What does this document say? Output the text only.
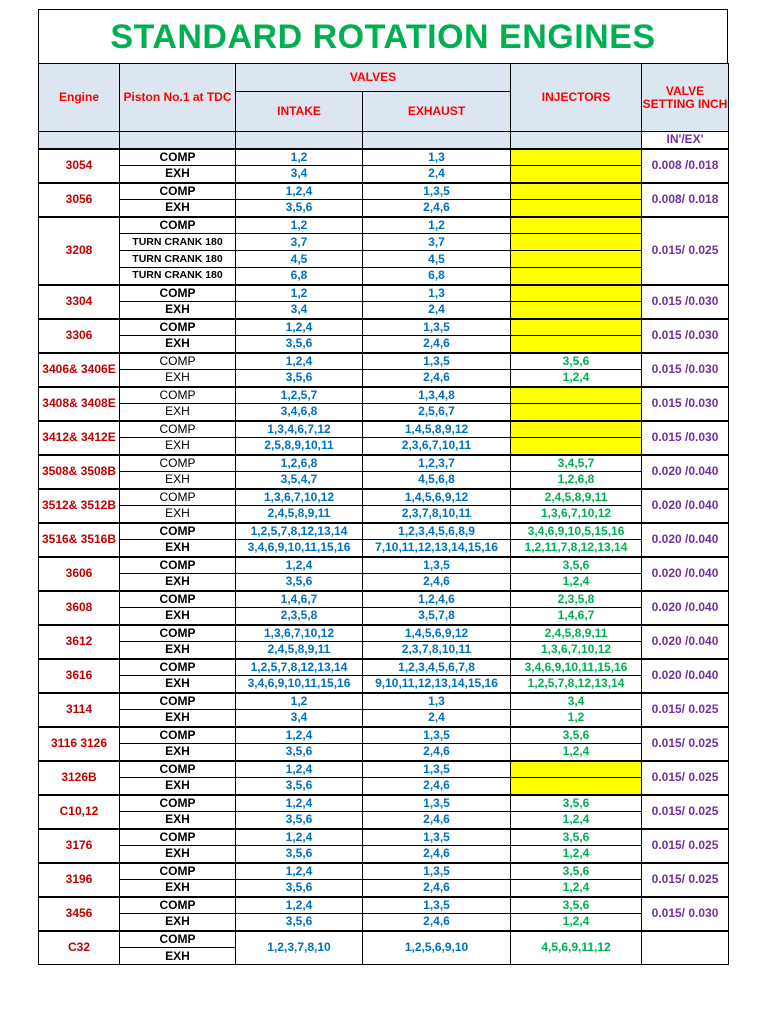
STANDARD ROTATION ENGINES
Engine	Piston No.1 at TDC	VALVES		INJECTORS	VALVE SETTING INCH
		INTAKE	EXHAUST		
					IN'/EX'
3054	COMP	1,2	1,3		0.008 /0.018
	EXH	3,4	2,4		
3056	COMP	1,2,4	1,3,5		0.008/ 0.018
	EXH	3,5,6	2,4,6		
3208	COMP	1,2	1,2		0.015/ 0.025
	TURN CRANK 180	3,7	3,7		
	TURN CRANK 180	4,5	4,5		
	TURN CRANK 180	6,8	6,8		
3304	COMP	1,2	1,3		0.015 /0.030
	EXH	3,4	2,4		
3306	COMP	1,2,4	1,3,5		0.015 /0.030
	EXH	3,5,6	2,4,6		
3406& 3406E	COMP	1,2,4	1,3,5	3,5,6	0.015 /0.030
	EXH	3,5,6	2,4,6	1,2,4	
3408& 3408E	COMP	1,2,5,7	1,3,4,8		0.015 /0.030
	EXH	3,4,6,8	2,5,6,7		
3412& 3412E	COMP	1,3,4,6,7,12	1,4,5,8,9,12		0.015 /0.030
	EXH	2,5,8,9,10,11	2,3,6,7,10,11		
3508& 3508B	COMP	1,2,6,8	1,2,3,7	3,4,5,7	0.020 /0.040
	EXH	3,5,4,7	4,5,6,8	1,2,6,8	
3512& 3512B	COMP	1,3,6,7,10,12	1,4,5,6,9,12	2,4,5,8,9,11	0.020 /0.040
	EXH	2,4,5,8,9,11	2,3,7,8,10,11	1,3,6,7,10,12	
3516& 3516B	COMP	1,2,5,7,8,12,13,14	1,2,3,4,5,6,8,9	3,4,6,9,10,5,15,16	0.020 /0.040
	EXH	3,4,6,9,10,11,15,16	7,10,11,12,13,14,15,16	1,2,11,7,8,12,13,14	
3606	COMP	1,2,4	1,3,5	3,5,6	0.020 /0.040
	EXH	3,5,6	2,4,6	1,2,4	
3608	COMP	1,4,6,7	1,2,4,6	2,3,5,8	0.020 /0.040
	EXH	2,3,5,8	3,5,7,8	1,4,6,7	
3612	COMP	1,3,6,7,10,12	1,4,5,6,9,12	2,4,5,8,9,11	0.020 /0.040
	EXH	2,4,5,8,9,11	2,3,7,8,10,11	1,3,6,7,10,12	
3616	COMP	1,2,5,7,8,12,13,14	1,2,3,4,5,6,7,8	3,4,6,9,10,11,15,16	0.020 /0.040
	EXH	3,4,6,9,10,11,15,16	9,10,11,12,13,14,15,16	1,2,5,7,8,12,13,14	
3114	COMP	1,2	1,3	3,4	0.015/ 0.025
	EXH	3,4	2,4	1,2	
3116 3126	COMP	1,2,4	1,3,5	3,5,6	0.015/ 0.025
	EXH	3,5,6	2,4,6	1,2,4	
3126B	COMP	1,2,4	1,3,5		0.015/ 0.025
	EXH	3,5,6	2,4,6		
C10,12	COMP	1,2,4	1,3,5	3,5,6	0.015/ 0.025
	EXH	3,5,6	2,4,6	1,2,4	
3176	COMP	1,2,4	1,3,5	3,5,6	0.015/ 0.025
	EXH	3,5,6	2,4,6	1,2,4	
3196	COMP	1,2,4	1,3,5	3,5,6	0.015/ 0.025
	EXH	3,5,6	2,4,6	1,2,4	
3456	COMP	1,2,4	1,3,5	3,5,6	0.015/ 0.030
	EXH	3,5,6	2,4,6	1,2,4	
C32	COMP	1,2,3,7,8,10	1,2,5,6,9,10	4,5,6,9,11,12	
	EXH				
